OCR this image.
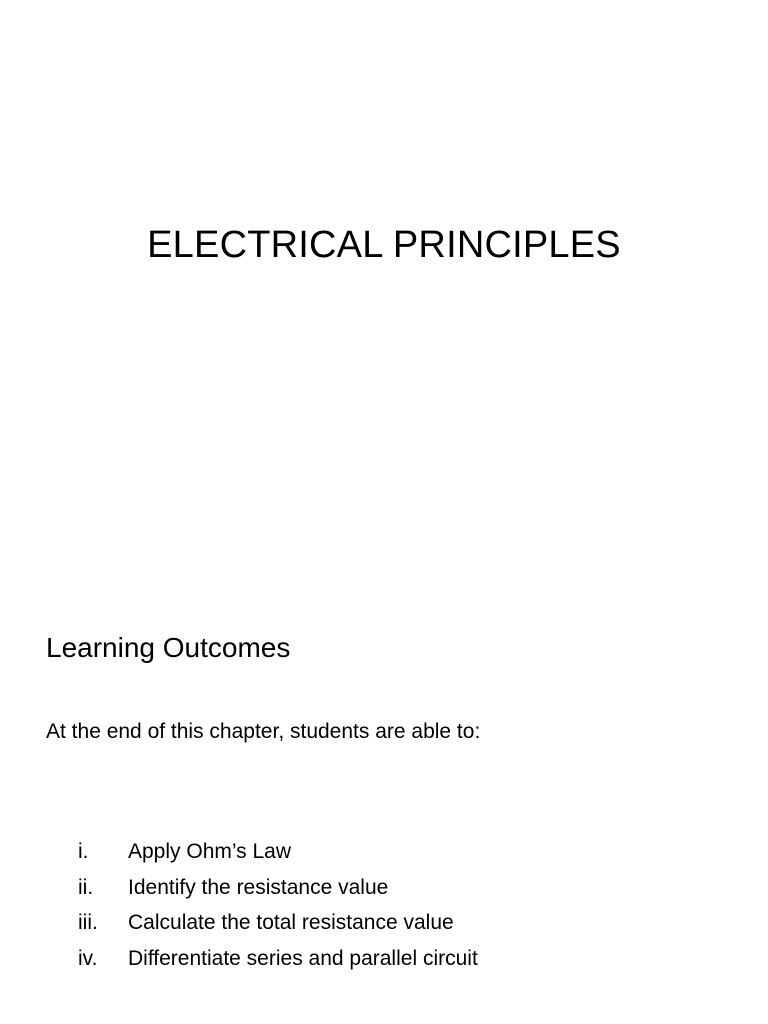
ELECTRICAL PRINCIPLES
Learning Outcomes

At the end of this chapter, students are able to:

i.	Apply Ohm’s Law
ii.	Identify the resistance value
iii.	Calculate the total resistance value
iv.	Differentiate series and parallel circuit
